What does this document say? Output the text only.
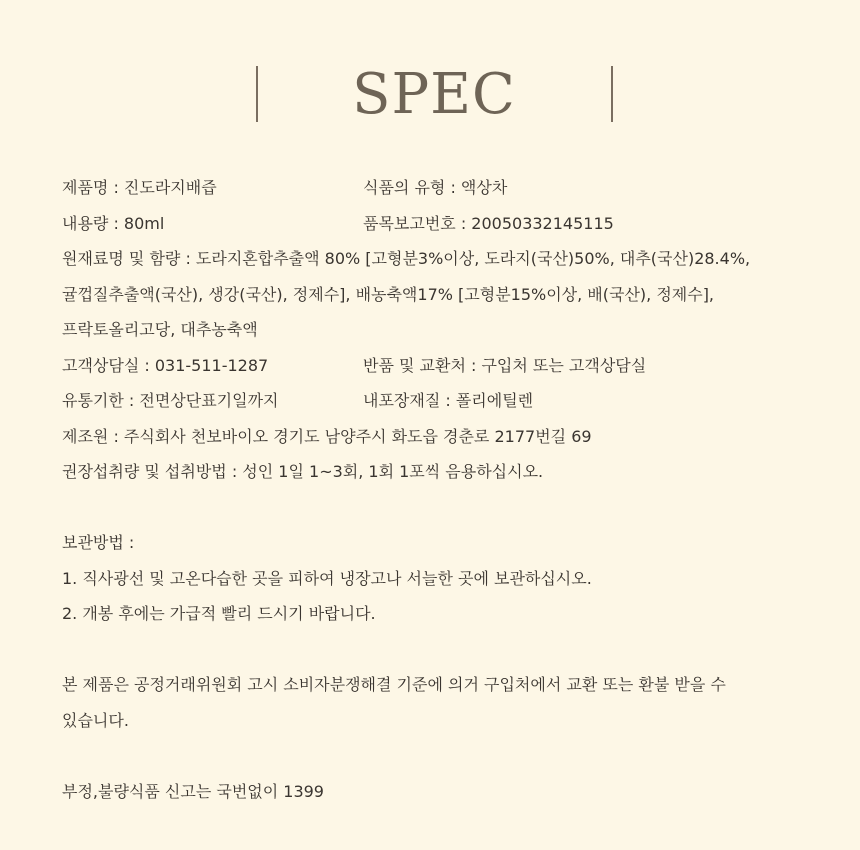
SPEC
제품명 : 진도라지배즙	식품의 유형 : 액상차
내용량 : 80ml	품목보고번호 : 20050332145115
원재료명 및 함량 : 도라지혼합추출액 80% [고형분3%이상, 도라지(국산)50%, 대추(국산)28.4%,
귤껍질추출액(국산), 생강(국산), 정제수], 배농축액17% [고형분15%이상, 배(국산), 정제수],
프락토올리고당, 대추농축액
고객상담실 : 031-511-1287	반품 및 교환처 : 구입처 또는 고객상담실
유통기한 : 전면상단표기일까지	내포장재질 : 폴리에틸렌
제조원 : 주식회사 천보바이오 경기도 남양주시 화도읍 경춘로 2177번길 69
권장섭취량 및 섭취방법 : 성인 1일 1~3회, 1회 1포씩 음용하십시오.
보관방법 :
1. 직사광선 및 고온다습한 곳을 피하여 냉장고나 서늘한 곳에 보관하십시오.
2. 개봉 후에는 가급적 빨리 드시기 바랍니다.
본 제품은 공정거래위원회 고시 소비자분쟁해결 기준에 의거 구입처에서 교환 또는 환불 받을 수
있습니다.
부정,불량식품 신고는 국번없이 1399
